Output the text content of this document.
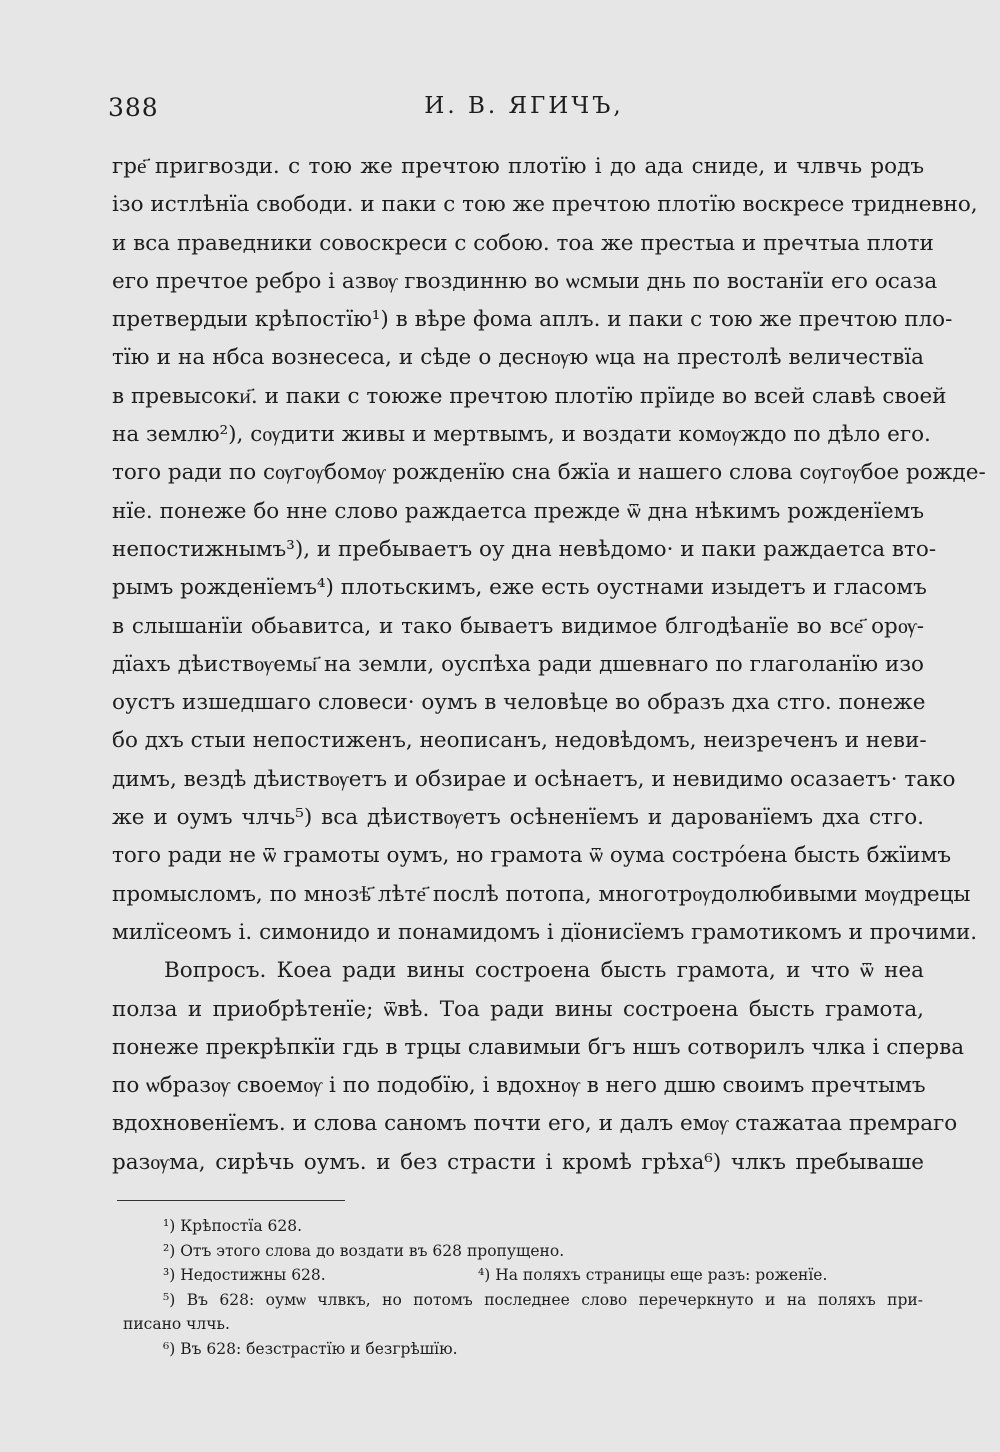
388	И. В. ЯГИЧЪ,
гре҃ пригвозди. с тою же пречтою плотїю і до ада сниде, и члвчь родъ
ізо истлѣнїа свободи. и паки с тою же пречтою плотїю воскресе тридневно,
и вса праведники совоскреси с собою. тоа же престыа и пречтыа плоти
его пречтое ребро і азвѹ гвоздинню во ѡсмыи днь по востанїи его осаза
претвердыи крѣпостїю¹) в вѣре фома аплъ. и паки с тою же пречтою пло-
тїю и на нбса вознесеса, и сѣде о деснѹю ѡца на престолѣ величествїа
в превысоки҃. и паки с тоюже пречтою плотїю прїиде во всей славѣ своей
на землю²), сѹдити живы и мертвымъ, и воздати комѹждо по дѣло его.
того ради по сѹгѹбомѹ рожденїю сна бжїа и нашего слова сѹгѹбое рожде-
нїе. понеже бо нне слово раждаетса прежде ѿ дна нѣкимъ рожденїемъ
непостижнымъ³), и пребываетъ оу дна невѣдомо· и паки раждаетса вто-
рымъ рожденїемъ⁴) плотьскимъ, еже есть оустнами изыдетъ и гласомъ
в слышанїи обьавитса, и тако бываетъ видимое блгодѣанїе во все҃ орѹ-
дїахъ дѣиствѹемы҃ на земли, оуспѣха ради дшевнаго по глаголанїю изо
оустъ изшедшаго словеси· оумъ в человѣце во образъ дха стго. понеже
бо дхъ стыи непостиженъ, неописанъ, недовѣдомъ, неизреченъ и неви-
димъ, вездѣ дѣиствѹетъ и обзирае и осѣнаетъ, и невидимо осазаетъ· тако
же и оумъ члчь⁵) вса дѣиствѹетъ осѣненїемъ и дарованїемъ дха стго.
того ради не ѿ грамоты оумъ, но грамота ѿ оума сострόена бысть бжїимъ
промысломъ, по мнозѣ҃ лѣте҃ послѣ потопа, многотрѹдолюбивыми мѹдрецы
милїсеомъ і. симонидо и понамидомъ і дїонисїемъ грамотикомъ и прочими.
Вопросъ. Коеа ради вины состроена бысть грамота, и что ѿ неа
полза и приобрѣтенїе; ѿвѣ. Тоа ради вины состроена бысть грамота,
понеже прекрѣпкїи гдь в трцы славимыи бгъ ншъ сотворилъ члка і сперва
по ѡбразѹ своемѹ і по подобїю, і вдохнѹ в него дшю своимъ пречтымъ
вдохновенїемъ. и слова саномъ почти его, и далъ емѹ стажатаа премраго
разѹма, сирѣчь оумъ. и без страсти і кромѣ грѣха⁶) члкъ пребываше
¹) Крѣпостїа 628.
²) Отъ этого слова до воздати въ 628 пропущено.
³) Недостижны 628.	⁴) На поляхъ страницы еще разъ: роженїе.
⁵) Въ 628: оумѡ члвкъ, но потомъ последнее слово перечеркнуто и на поляхъ при-
писано члчь.
⁶) Въ 628: безстрастїю и безгрѣшїю.
